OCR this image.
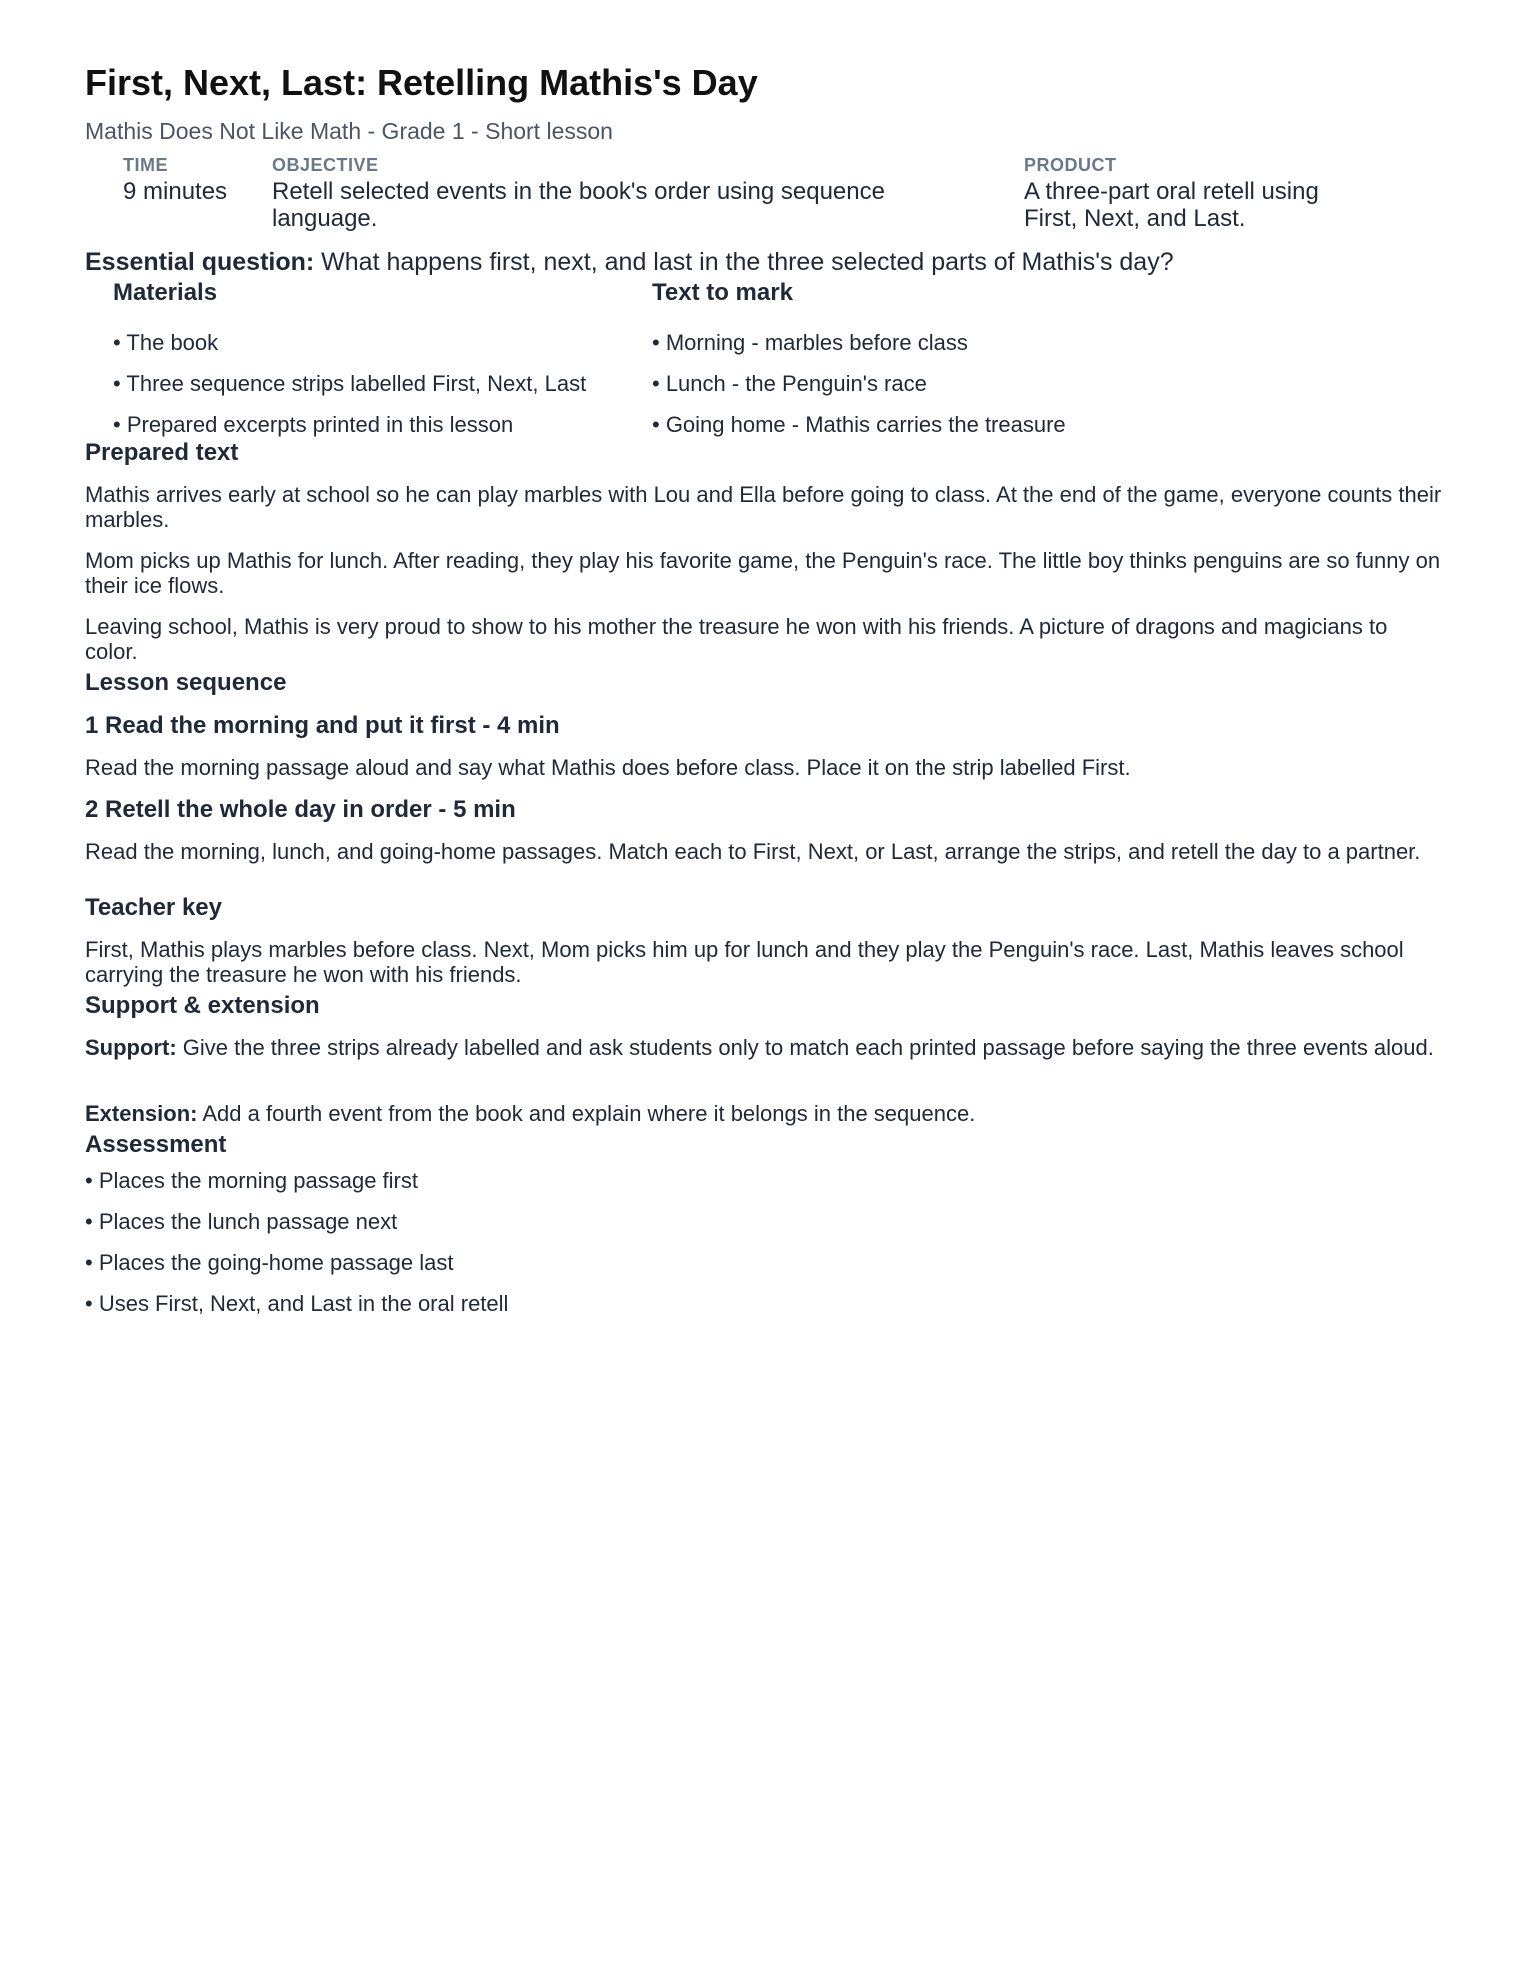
First, Next, Last: Retelling Mathis's Day
Mathis Does Not Like Math - Grade 1 - Short lesson
TIME
9 minutes
OBJECTIVE
Retell selected events in the book's order using sequence language.
PRODUCT
A three-part oral retell using First, Next, and Last.
Essential question: What happens first, next, and last in the three selected parts of Mathis's day?
Materials
• The book
• Three sequence strips labelled First, Next, Last
• Prepared excerpts printed in this lesson
Text to mark
• Morning - marbles before class
• Lunch - the Penguin's race
• Going home - Mathis carries the treasure
Prepared text

Mathis arrives early at school so he can play marbles with Lou and Ella before going to class. At the end of the game, everyone counts their marbles.

Mom picks up Mathis for lunch. After reading, they play his favorite game, the Penguin's race. The little boy thinks penguins are so funny on their ice flows.

Leaving school, Mathis is very proud to show to his mother the treasure he won with his friends. A picture of dragons and magicians to color.

Lesson sequence
1 Read the morning and put it first - 4 min

Read the morning passage aloud and say what Mathis does before class. Place it on the strip labelled First.

2 Retell the whole day in order - 5 min

Read the morning, lunch, and going-home passages. Match each to First, Next, or Last, arrange the strips, and retell the day to a partner.

Teacher key

First, Mathis plays marbles before class. Next, Mom picks him up for lunch and they play the Penguin's race. Last, Mathis leaves school carrying the treasure he won with his friends.

Support & extension

Support: Give the three strips already labelled and ask students only to match each printed passage before saying the three events aloud.

Extension: Add a fourth event from the book and explain where it belongs in the sequence.

Assessment
• Places the morning passage first
• Places the lunch passage next
• Places the going-home passage last
• Uses First, Next, and Last in the oral retell
